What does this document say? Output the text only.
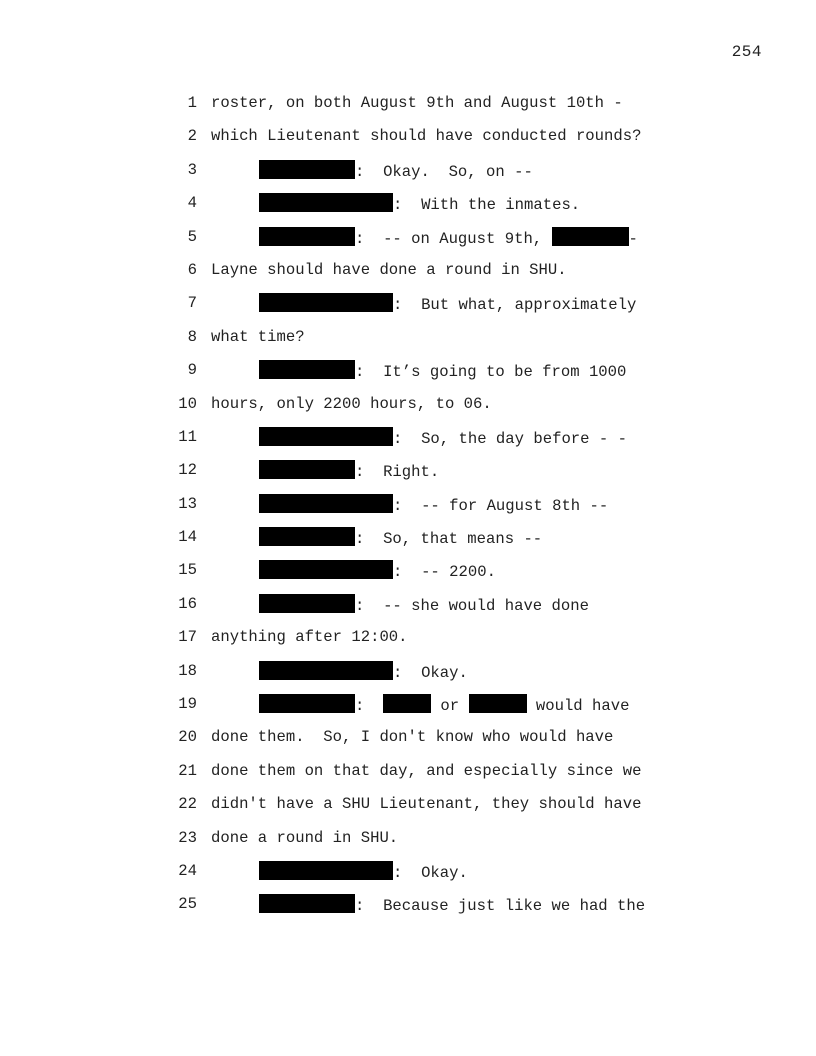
254

1

roster, on both August 9th and August 10th -

2

which Lieutenant should have conducted rounds?

3

	:  Okay.  So, on --

4

	:  With the inmates.

5

	:  -- on August 9th,	-

6

Layne should have done a round in SHU.

7

	:  But what, approximately

8

what time?

9

	:  It’s going to be from 1000

10

hours, only 2200 hours, to 06.

11

	:  So, the day before - -

12

	:  Right.

13

	:  -- for August 8th --

14

	:  So, that means --

15

	:  -- 2200.

16

	:  -- she would have done

17

anything after 12:00.

18

	:  Okay.

19

	:	or	would have

20

done them.  So, I don't know who would have

21

done them on that day, and especially since we

22

didn't have a SHU Lieutenant, they should have

23

done a round in SHU.

24

	:  Okay.

25

	:  Because just like we had the
